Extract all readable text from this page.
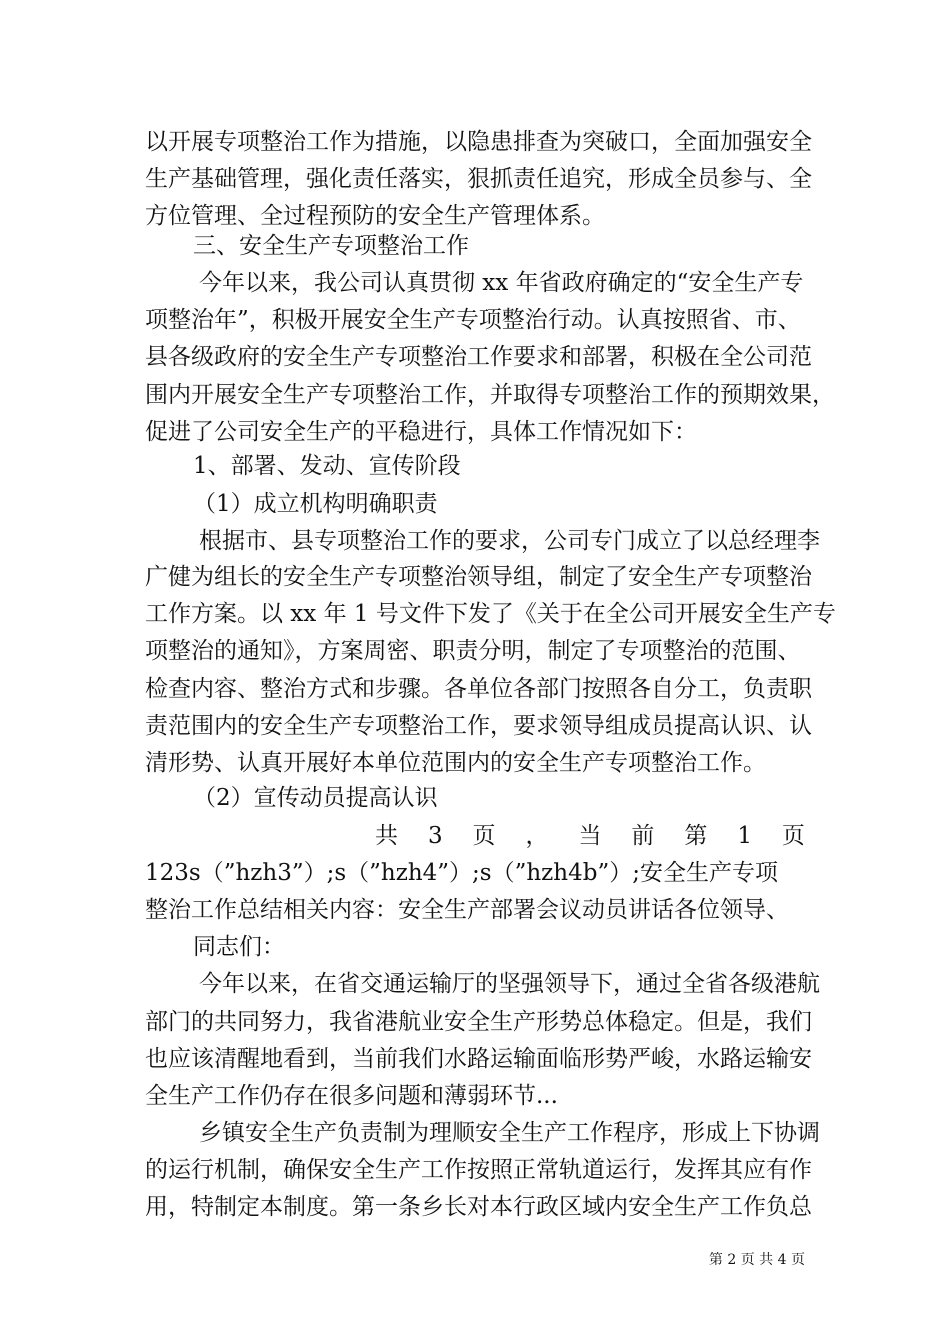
以开展专项整治工作为措施，以隐患排查为突破口，全面加强安全
生产基础管理，强化责任落实，狠抓责任追究，形成全员参与、全
方位管理、全过程预防的安全生产管理体系。
三、安全生产专项整治工作
今年以来，我公司认真贯彻 xx 年省政府确定的“安全生产专
项整治年”，积极开展安全生产专项整治行动。认真按照省、市、
县各级政府的安全生产专项整治工作要求和部署，积极在全公司范
围内开展安全生产专项整治工作，并取得专项整治工作的预期效果，
促进了公司安全生产的平稳进行，具体工作情况如下：
1、部署、发动、宣传阶段
（1）成立机构明确职责
根据市、县专项整治工作的要求，公司专门成立了以总经理李
广健为组长的安全生产专项整治领导组，制定了安全生产专项整治
工作方案。以 xx 年 1 号文件下发了《关于在全公司开展安全生产专
项整治的通知》，方案周密、职责分明，制定了专项整治的范围、
检查内容、整治方式和步骤。各单位各部门按照各自分工，负责职
责范围内的安全生产专项整治工作，要求领导组成员提高认识、认
清形势、认真开展好本单位范围内的安全生产专项整治工作。
（2）宣传动员提高认识
共 3 页 ， 当 前 第 1 页
123s（”hzh3”）;s（”hzh4”）;s（”hzh4b”）;安全生产专项
整治工作总结相关内容：安全生产部署会议动员讲话各位领导、
同志们：
今年以来，在省交通运输厅的坚强领导下，通过全省各级港航
部门的共同努力，我省港航业安全生产形势总体稳定。但是，我们
也应该清醒地看到，当前我们水路运输面临形势严峻，水路运输安
全生产工作仍存在很多问题和薄弱环节...
乡镇安全生产负责制为理顺安全生产工作程序，形成上下协调
的运行机制，确保安全生产工作按照正常轨道运行，发挥其应有作
用，特制定本制度。第一条乡长对本行政区域内安全生产工作负总
第 2 页 共 4 页
